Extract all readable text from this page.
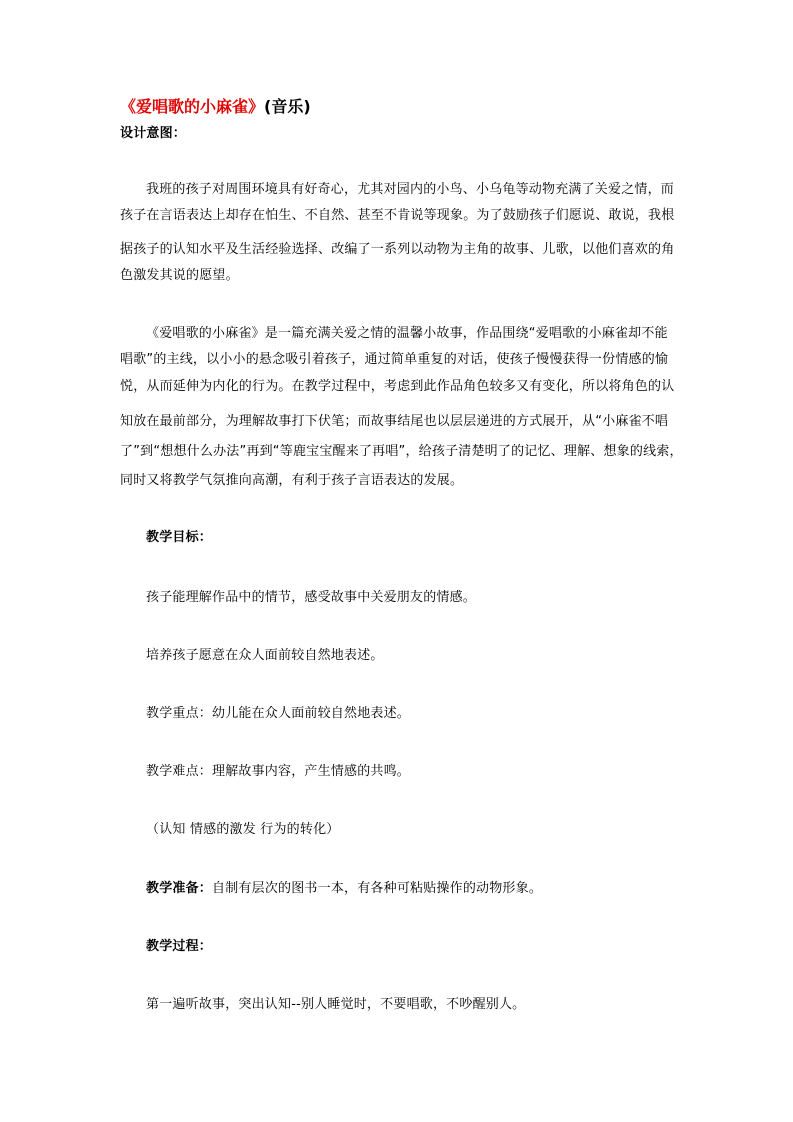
《爱唱歌的小麻雀》(音乐)
设计意图：
我班的孩子对周围环境具有好奇心，尤其对园内的小鸟、小乌龟等动物充满了关爱之情，而
孩子在言语表达上却存在怕生、不自然、甚至不肯说等现象。为了鼓励孩子们愿说、敢说，我根
据孩子的认知水平及生活经验选择、改编了一系列以动物为主角的故事、儿歌，以他们喜欢的角
色激发其说的愿望。
《爱唱歌的小麻雀》是一篇充满关爱之情的温馨小故事，作品围绕“爱唱歌的小麻雀却不能
唱歌”的主线，以小小的悬念吸引着孩子，通过简单重复的对话，使孩子慢慢获得一份情感的愉
悦，从而延伸为内化的行为。在教学过程中，考虑到此作品角色较多又有变化，所以将角色的认
知放在最前部分，为理解故事打下伏笔；而故事结尾也以层层递进的方式展开，从“小麻雀不唱
了”到“想想什么办法”再到“等鹿宝宝醒来了再唱”，给孩子清楚明了的记忆、理解、想象的线索，
同时又将教学气氛推向高潮，有利于孩子言语表达的发展。
教学目标：
孩子能理解作品中的情节，感受故事中关爱朋友的情感。
培养孩子愿意在众人面前较自然地表述。
教学重点：幼儿能在众人面前较自然地表述。
教学难点：理解故事内容，产生情感的共鸣。
（认知 情感的激发 行为的转化）
教学准备：自制有层次的图书一本，有各种可粘贴操作的动物形象。
教学过程：
第一遍听故事，突出认知--别人睡觉时，不要唱歌，不吵醒别人。
